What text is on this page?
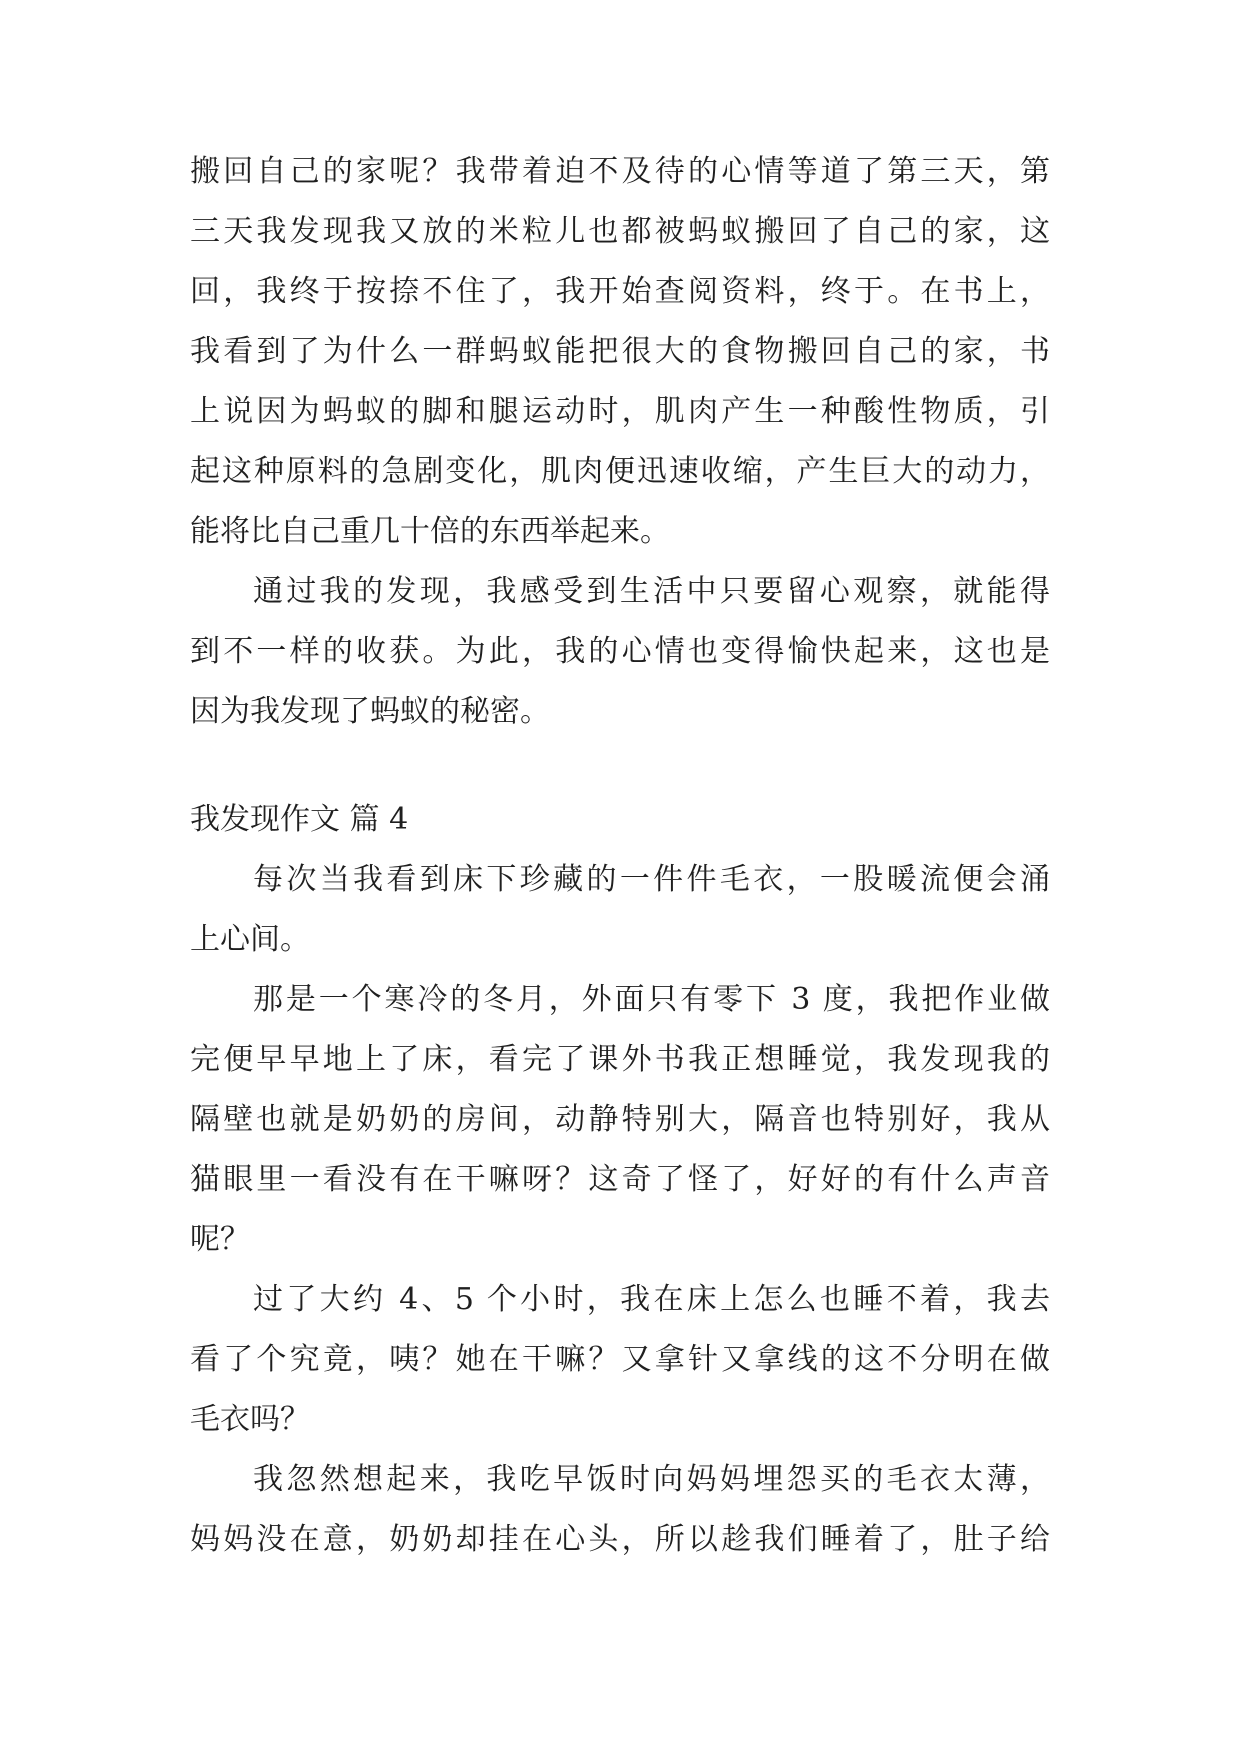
搬回自己的家呢？我带着迫不及待的心情等道了第三天，第

三天我发现我又放的米粒儿也都被蚂蚁搬回了自己的家，这

回，我终于按捺不住了，我开始查阅资料，终于。在书上，

我看到了为什么一群蚂蚁能把很大的食物搬回自己的家，书

上说因为蚂蚁的脚和腿运动时，肌肉产生一种酸性物质，引

起这种原料的急剧变化，肌肉便迅速收缩，产生巨大的动力，

能将比自己重几十倍的东西举起来。

通过我的发现，我感受到生活中只要留心观察，就能得

到不一样的收获。为此，我的心情也变得愉快起来，这也是

因为我发现了蚂蚁的秘密。

我发现作文 篇 4

每次当我看到床下珍藏的一件件毛衣，一股暖流便会涌

上心间。

那是一个寒冷的冬月，外面只有零下 3 度，我把作业做

完便早早地上了床，看完了课外书我正想睡觉，我发现我的

隔壁也就是奶奶的房间，动静特别大，隔音也特别好，我从

猫眼里一看没有在干嘛呀？这奇了怪了，好好的有什么声音

呢？

过了大约 4、5 个小时，我在床上怎么也睡不着，我去

看了个究竟，咦？她在干嘛？又拿针又拿线的这不分明在做

毛衣吗？

我忽然想起来，我吃早饭时向妈妈埋怨买的毛衣太薄，

妈妈没在意，奶奶却挂在心头，所以趁我们睡着了，肚子给
